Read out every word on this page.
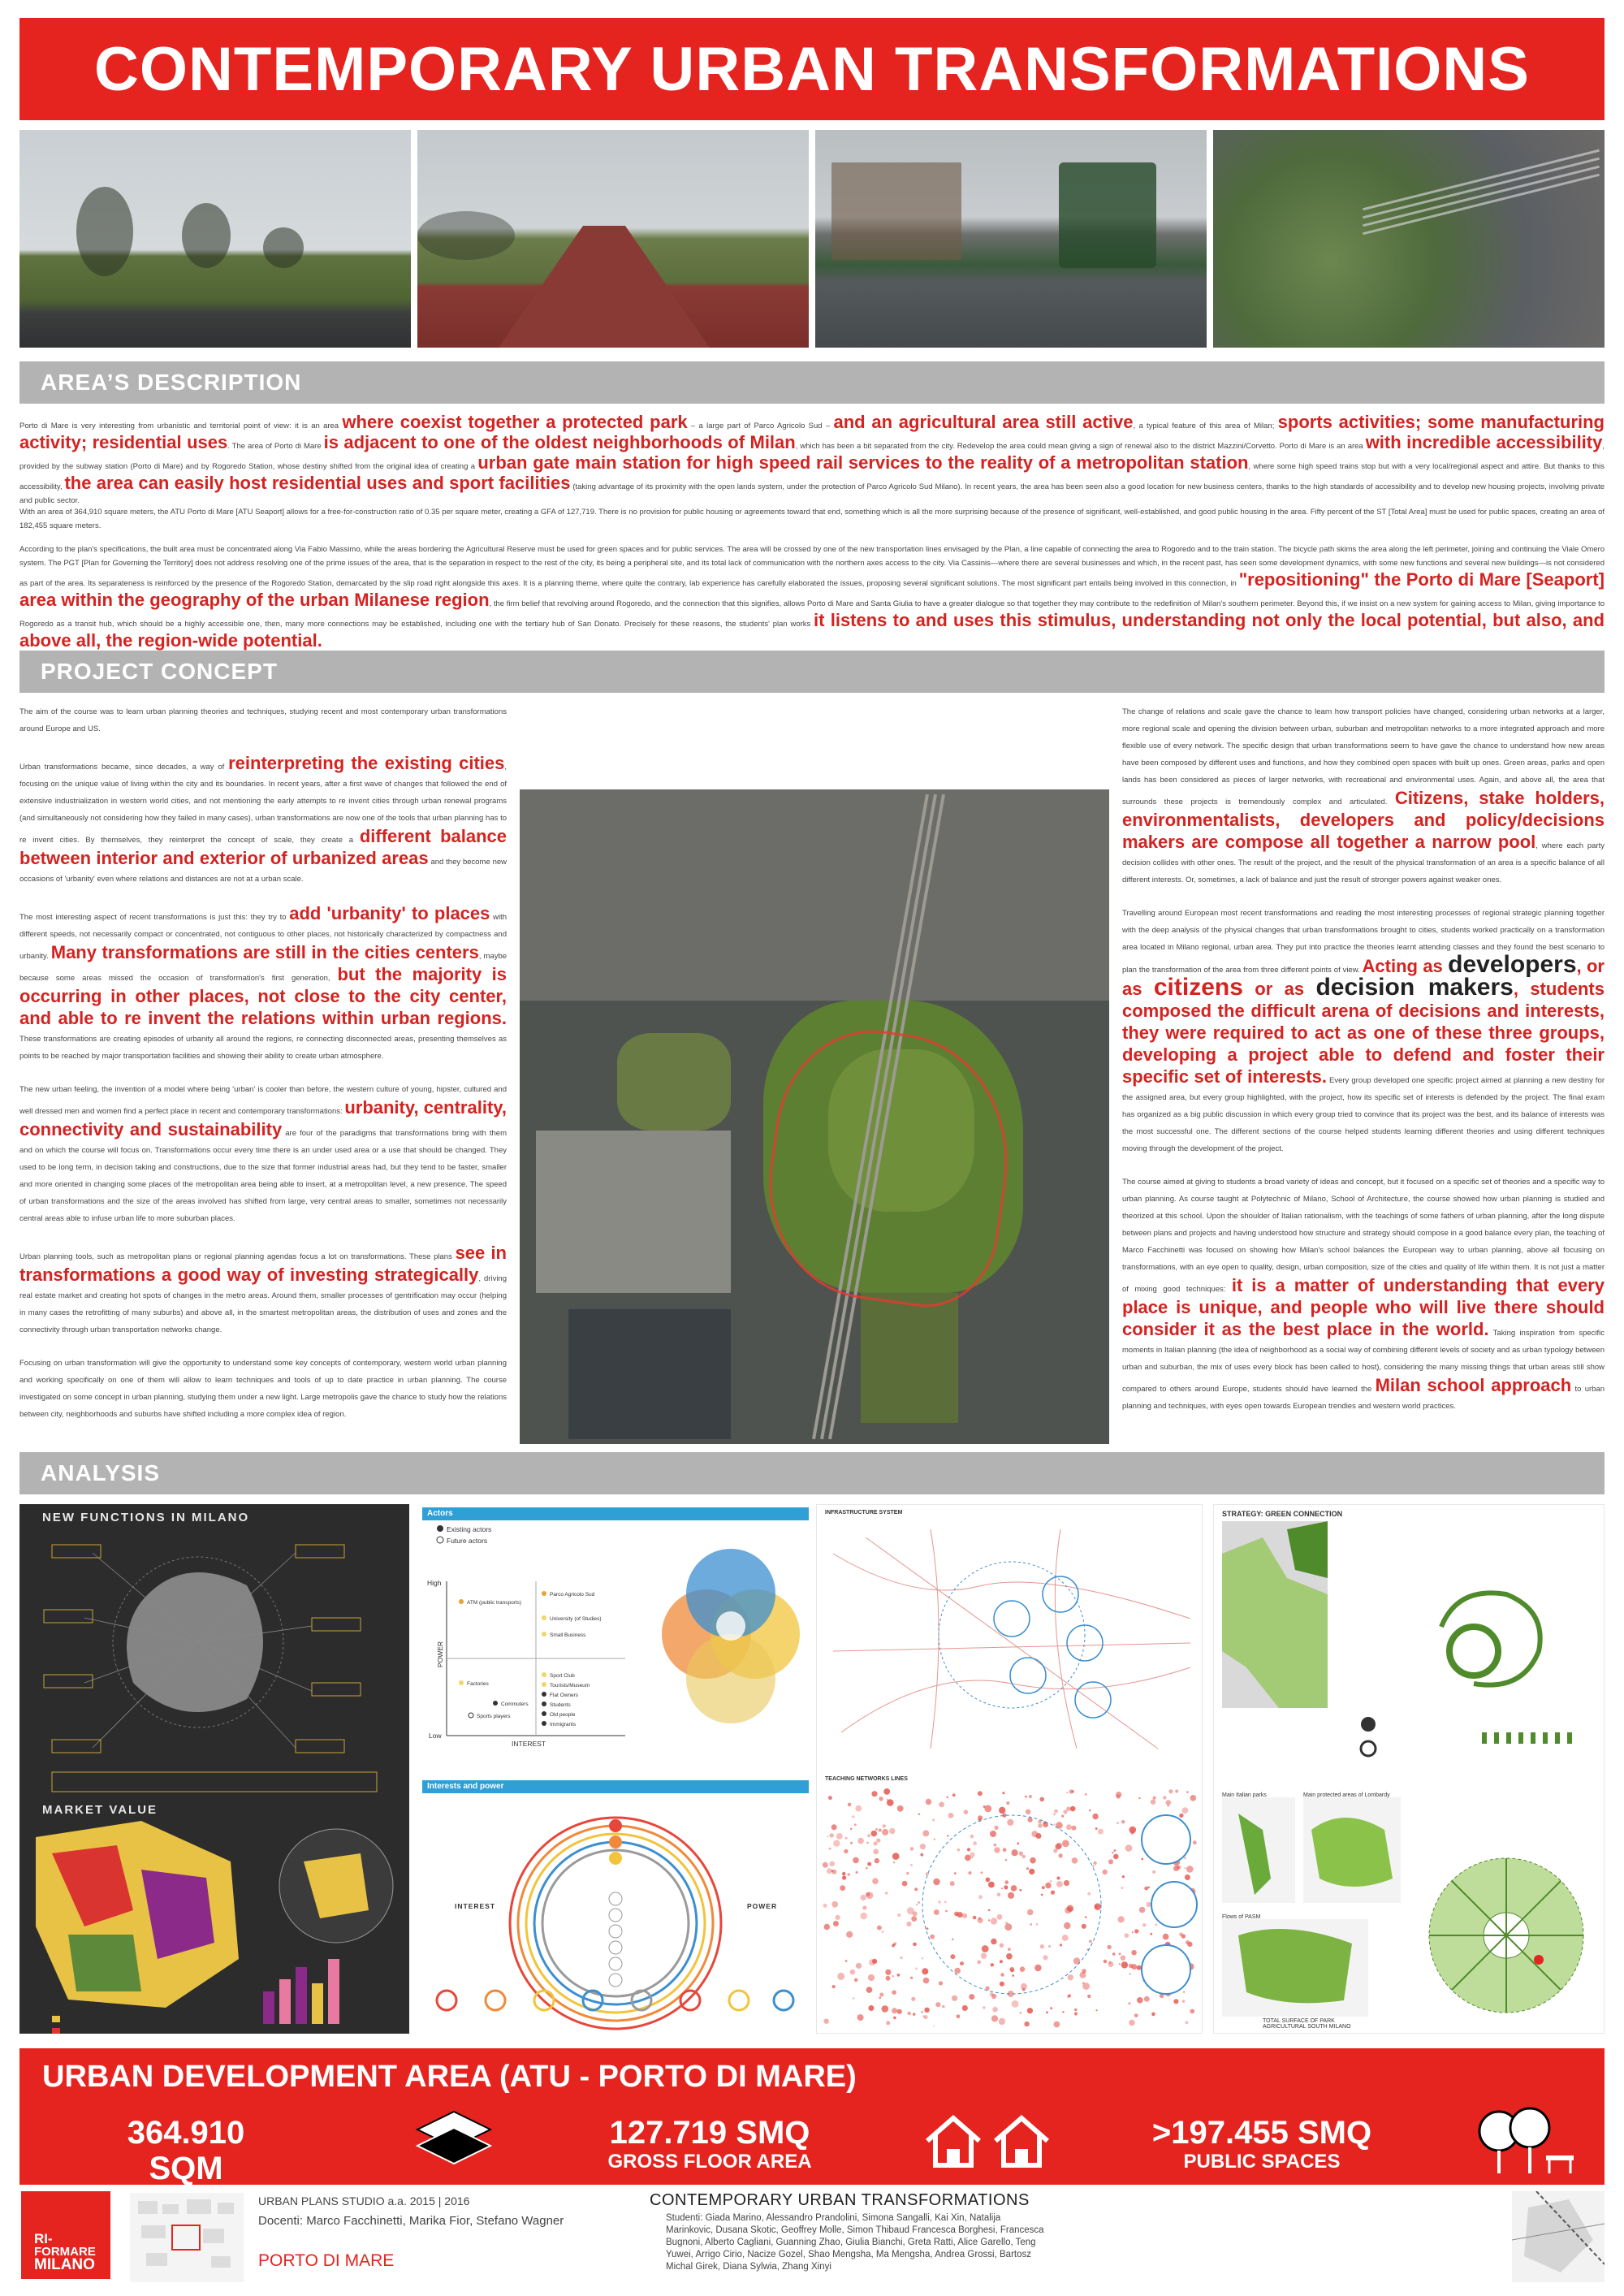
CONTEMPORARY URBAN TRANSFORMATIONS
AREA’S DESCRIPTION
Porto di Mare is very interesting from urbanistic and territorial point of view: it is an area where coexist together a protected park – a large part of Parco Agricolo Sud – and an agricultural area still active, a typical feature of this area of Milan; sports activities; some manufacturing activity; residential uses. The area of Porto di Mare is adjacent to one of the oldest neighborhoods of Milan, which has been a bit separated from the city. Redevelop the area could mean giving a sign of renewal also to the district Mazzini/Corvetto. Porto di Mare is an area with incredible accessibility, provided by the subway station (Porto di Mare) and by Rogoredo Station, whose destiny shifted from the original idea of creating a urban gate main station for high speed rail services to the reality of a metropolitan station, where some high speed trains stop but with a very local/regional aspect and attire. But thanks to this accessibility, the area can easily host residential uses and sport facilities (taking advantage of its proximity with the open lands system, under the protection of Parco Agricolo Sud Milano). In recent years, the area has been seen also a good location for new business centers, thanks to the high standards of accessibility and to develop new housing projects, involving private and public sector.
With an area of 364,910 square meters, the ATU Porto di Mare [ATU Seaport] allows for a free-for-construction ratio of 0.35 per square meter, creating a GFA of 127,719. There is no provision for public housing or agreements toward that end, something which is all the more surprising because of the presence of significant, well-established, and good public housing in the area. Fifty percent of the ST [Total Area] must be used for public spaces, creating an area of 182,455 square meters.
According to the plan's specifications, the built area must be concentrated along Via Fabio Massimo, while the areas bordering the Agricultural Reserve must be used for green spaces and for public services. The area will be crossed by one of the new transportation lines envisaged by the Plan, a line capable of connecting the area to Rogoredo and to the train station. The bicycle path skims the area along the left perimeter, joining and continuing the Viale Omero system. The PGT [Plan for Governing the Territory] does not address resolving one of the prime issues of the area, that is the separation in respect to the rest of the city, its being a peripheral site, and its total lack of communication with the northern axes access to the city. Via Cassinis—where there are several businesses and which, in the recent past, has seen some development dynamics, with some new functions and several new buildings—is not considered as part of the area. Its separateness is reinforced by the presence of the Rogoredo Station, demarcated by the slip road right alongside this axes. It is a planning theme, where quite the contrary, lab experience has carefully elaborated the issues, proposing several significant solutions. The most significant part entails being involved in this connection, in "repositioning" the Porto di Mare [Seaport] area within the geography of the urban Milanese region, the firm belief that revolving around Rogoredo, and the connection that this signifies, allows Porto di Mare and Santa Giulia to have a greater dialogue so that together they may contribute to the redefinition of Milan's southern perimeter. Beyond this, if we insist on a new system for gaining access to Milan, giving importance to Rogoredo as a transit hub, which should be a highly accessible one, then, many more connections may be established, including one with the tertiary hub of San Donato. Precisely for these reasons, the students' plan works it listens to and uses this stimulus, understanding not only the local potential, but also, and above all, the region-wide potential.
PROJECT CONCEPT

The aim of the course was to learn urban planning theories and techniques, studying recent and most contemporary urban transformations around Europe and US.

Urban transformations became, since decades, a way of reinterpreting the existing cities, focusing on the unique value of living within the city and its boundaries. In recent years, after a first wave of changes that followed the end of extensive industrialization in western world cities, and not mentioning the early attempts to re invent cities through urban renewal programs (and simultaneously not considering how they failed in many cases), urban transformations are now one of the tools that urban planning has to re invent cities. By themselves, they reinterpret the concept of scale, they create a different balance between interior and exterior of urbanized areas and they become new occasions of 'urbanity' even where relations and distances are not at a urban scale.

The most interesting aspect of recent transformations is just this: they try to add 'urbanity' to places with different speeds, not necessarily compact or concentrated, not contiguous to other places, not historically characterized by compactness and urbanity. Many transformations are still in the cities centers, maybe because some areas missed the occasion of transformation's first generation, but the majority is occurring in other places, not close to the city center, and able to re invent the relations within urban regions. These transformations are creating episodes of urbanity all around the regions, re connecting disconnected areas, presenting themselves as points to be reached by major transportation facilities and showing their ability to create urban atmosphere.

The new urban feeling, the invention of a model where being 'urban' is cooler than before, the western culture of young, hipster, cultured and well dressed men and women find a perfect place in recent and contemporary transformations: urbanity, centrality, connectivity and sustainability are four of the paradigms that transformations bring with them and on which the course will focus on. Transformations occur every time there is an under used area or a use that should be changed. They used to be long term, in decision taking and constructions, due to the size that former industrial areas had, but they tend to be faster, smaller and more oriented in changing some places of the metropolitan area being able to insert, at a metropolitan level, a new presence. The speed of urban transformations and the size of the areas involved has shifted from large, very central areas to smaller, sometimes not necessarily central areas able to infuse urban life to more suburban places.

Urban planning tools, such as metropolitan plans or regional planning agendas focus a lot on transformations. These plans see in transformations a good way of investing strategically, driving real estate market and creating hot spots of changes in the metro areas. Around them, smaller processes of gentrification may occur (helping in many cases the retrofitting of many suburbs) and above all, in the smartest metropolitan areas, the distribution of uses and zones and the connectivity through urban transportation networks change.

Focusing on urban transformation will give the opportunity to understand some key concepts of contemporary, western world urban planning and working specifically on one of them will allow to learn techniques and tools of up to date practice in urban planning. The course investigated on some concept in urban planning, studying them under a new light. Large metropolis gave the chance to study how the relations between city, neighborhoods and suburbs have shifted including a more complex idea of region.

The change of relations and scale gave the chance to learn how transport policies have changed, considering urban networks at a larger, more regional scale and opening the division between urban, suburban and metropolitan networks to a more integrated approach and more flexible use of every network. The specific design that urban transformations seem to have gave the chance to understand how new areas have been composed by different uses and functions, and how they combined open spaces with built up ones. Green areas, parks and open lands has been considered as pieces of larger networks, with recreational and environmental uses. Again, and above all, the area that surrounds these projects is tremendously complex and articulated. Citizens, stake holders, environmentalists, developers and policy/decisions makers are compose all together a narrow pool, where each party decision collides with other ones. The result of the project, and the result of the physical transformation of an area is a specific balance of all different interests. Or, sometimes, a lack of balance and just the result of stronger powers against weaker ones.

Travelling around European most recent transformations and reading the most interesting processes of regional strategic planning together with the deep analysis of the physical changes that urban transformations brought to cities, students worked practically on a transformation area located in Milano regional, urban area. They put into practice the theories learnt attending classes and they found the best scenario to plan the transformation of the area from three different points of view. Acting as developers, or as citizens or as decision makers, students composed the difficult arena of decisions and interests, they were required to act as one of these three groups, developing a project able to defend and foster their specific set of interests. Every group developed one specific project aimed at planning a new destiny for the assigned area, but every group highlighted, with the project, how its specific set of interests is defended by the project. The final exam has organized as a big public discussion in which every group tried to convince that its project was the best, and its balance of interests was the most successful one. The different sections of the course helped students learning different theories and using different techniques moving through the development of the project.

The course aimed at giving to students a broad variety of ideas and concept, but it focused on a specific set of theories and a specific way to urban planning. As course taught at Polytechnic of Milano, School of Architecture, the course showed how urban planning is studied and theorized at this school. Upon the shoulder of Italian rationalism, with the teachings of some fathers of urban planning, after the long dispute between plans and projects and having understood how structure and strategy should compose in a good balance every plan, the teaching of Marco Facchinetti was focused on showing how Milan's school balances the European way to urban planning, above all focusing on transformations, with an eye open to quality, design, urban composition, size of the cities and quality of life within them. It is not just a matter of mixing good techniques: it is a matter of understanding that every place is unique, and people who will live there should consider it as the best place in the world. Taking inspiration from specific moments in Italian planning (the idea of neighborhood as a social way of combining different levels of society and as urban typology between urban and suburban, the mix of uses every block has been called to host), considering the many missing things that urban areas still show compared to others around Europe, students should have learned the Milan school approach to urban planning and techniques, with eyes open towards European trendies and western world practices.

ANALYSIS
NEW FUNCTIONS IN MILANO
MARKET VALUE
Actors
Existing actors
Future actors
High
Low
POWER
INTEREST
ATM (public transports)
Parco Agricolo Sud
University (of Studies)
Small Business
Factories
Sport Club
Tourists/Museum
Commuters
Sports players
Flat Owners
Students
Old people
Immigrants
Interests and power
INTEREST	POWER
INFRASTRUCTURE SYSTEM
TEACHING NETWORKS LINES
STRATEGY: GREEN CONNECTION
Main Italian parks	Main protected areas of Lombardy
Flows of PASM
TOTAL SURFACE OF PARK AGRICULTURAL SOUTH MILANO
URBAN DEVELOPMENT AREA (ATU - PORTO DI MARE)
364.910 SQM
127.719 SMQ
GROSS FLOOR AREA
>197.455 SMQ
PUBLIC SPACES
RI-
FORMARE
MILANO
URBAN PLANS STUDIO a.a. 2015 | 2016
Docenti: Marco Facchinetti, Marika Fior, Stefano Wagner
PORTO DI MARE
CONTEMPORARY URBAN TRANSFORMATIONS
Studenti: Giada Marino, Alessandro Prandolini, Simona Sangalli, Kai Xin, Natalija Marinkovic, Dusana Skotic, Geoffrey Molle, Simon Thibaud Francesca Borghesi, Francesca Bugnoni, Alberto Cagliani, Guanning Zhao, Giulia Bianchi, Greta Ratti, Alice Garello, Teng Yuwei, Arrigo Cirio, Nacize Gozel, Shao Mengsha, Ma Mengsha, Andrea Grossi, Bartosz Michal Girek, Diana Sylwia, Zhang Xinyi
